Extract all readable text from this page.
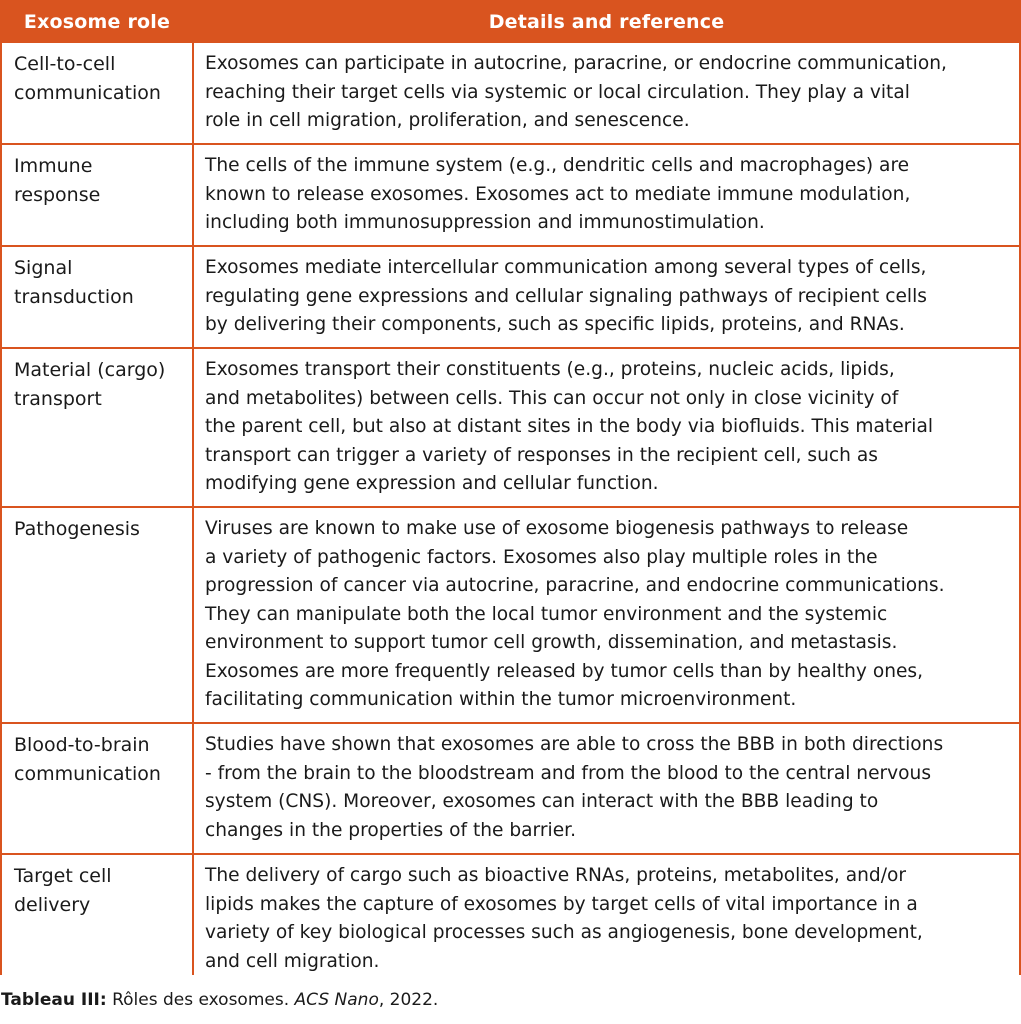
Exosome role	Details and reference
Cell-to-cell
communication
Exosomes can participate in autocrine, paracrine, or endocrine communication,
reaching their target cells via systemic or local circulation. They play a vital
role in cell migration, proliferation, and senescence.
Immune
response
The cells of the immune system (e.g., dendritic cells and macrophages) are
known to release exosomes. Exosomes act to mediate immune modulation,
including both immunosuppression and immunostimulation.
Signal
transduction
Exosomes mediate intercellular communication among several types of cells,
regulating gene expressions and cellular signaling pathways of recipient cells
by delivering their components, such as specific lipids, proteins, and RNAs.
Material (cargo)
transport
Exosomes transport their constituents (e.g., proteins, nucleic acids, lipids,
and metabolites) between cells. This can occur not only in close vicinity of
the parent cell, but also at distant sites in the body via biofluids. This material
transport can trigger a variety of responses in the recipient cell, such as
modifying gene expression and cellular function.
Pathogenesis	Viruses are known to make use of exosome biogenesis pathways to release
a variety of pathogenic factors. Exosomes also play multiple roles in the
progression of cancer via autocrine, paracrine, and endocrine communications.
They can manipulate both the local tumor environment and the systemic
environment to support tumor cell growth, dissemination, and metastasis.
Exosomes are more frequently released by tumor cells than by healthy ones,
facilitating communication within the tumor microenvironment.
Blood-to-brain
communication
Studies have shown that exosomes are able to cross the BBB in both directions
- from the brain to the bloodstream and from the blood to the central nervous
system (CNS). Moreover, exosomes can interact with the BBB leading to
changes in the properties of the barrier.
Target cell
delivery
The delivery of cargo such as bioactive RNAs, proteins, metabolites, and/or
lipids makes the capture of exosomes by target cells of vital importance in a
variety of key biological processes such as angiogenesis, bone development,
and cell migration.
Tableau III: Rôles des exosomes. ACS Nano, 2022.
